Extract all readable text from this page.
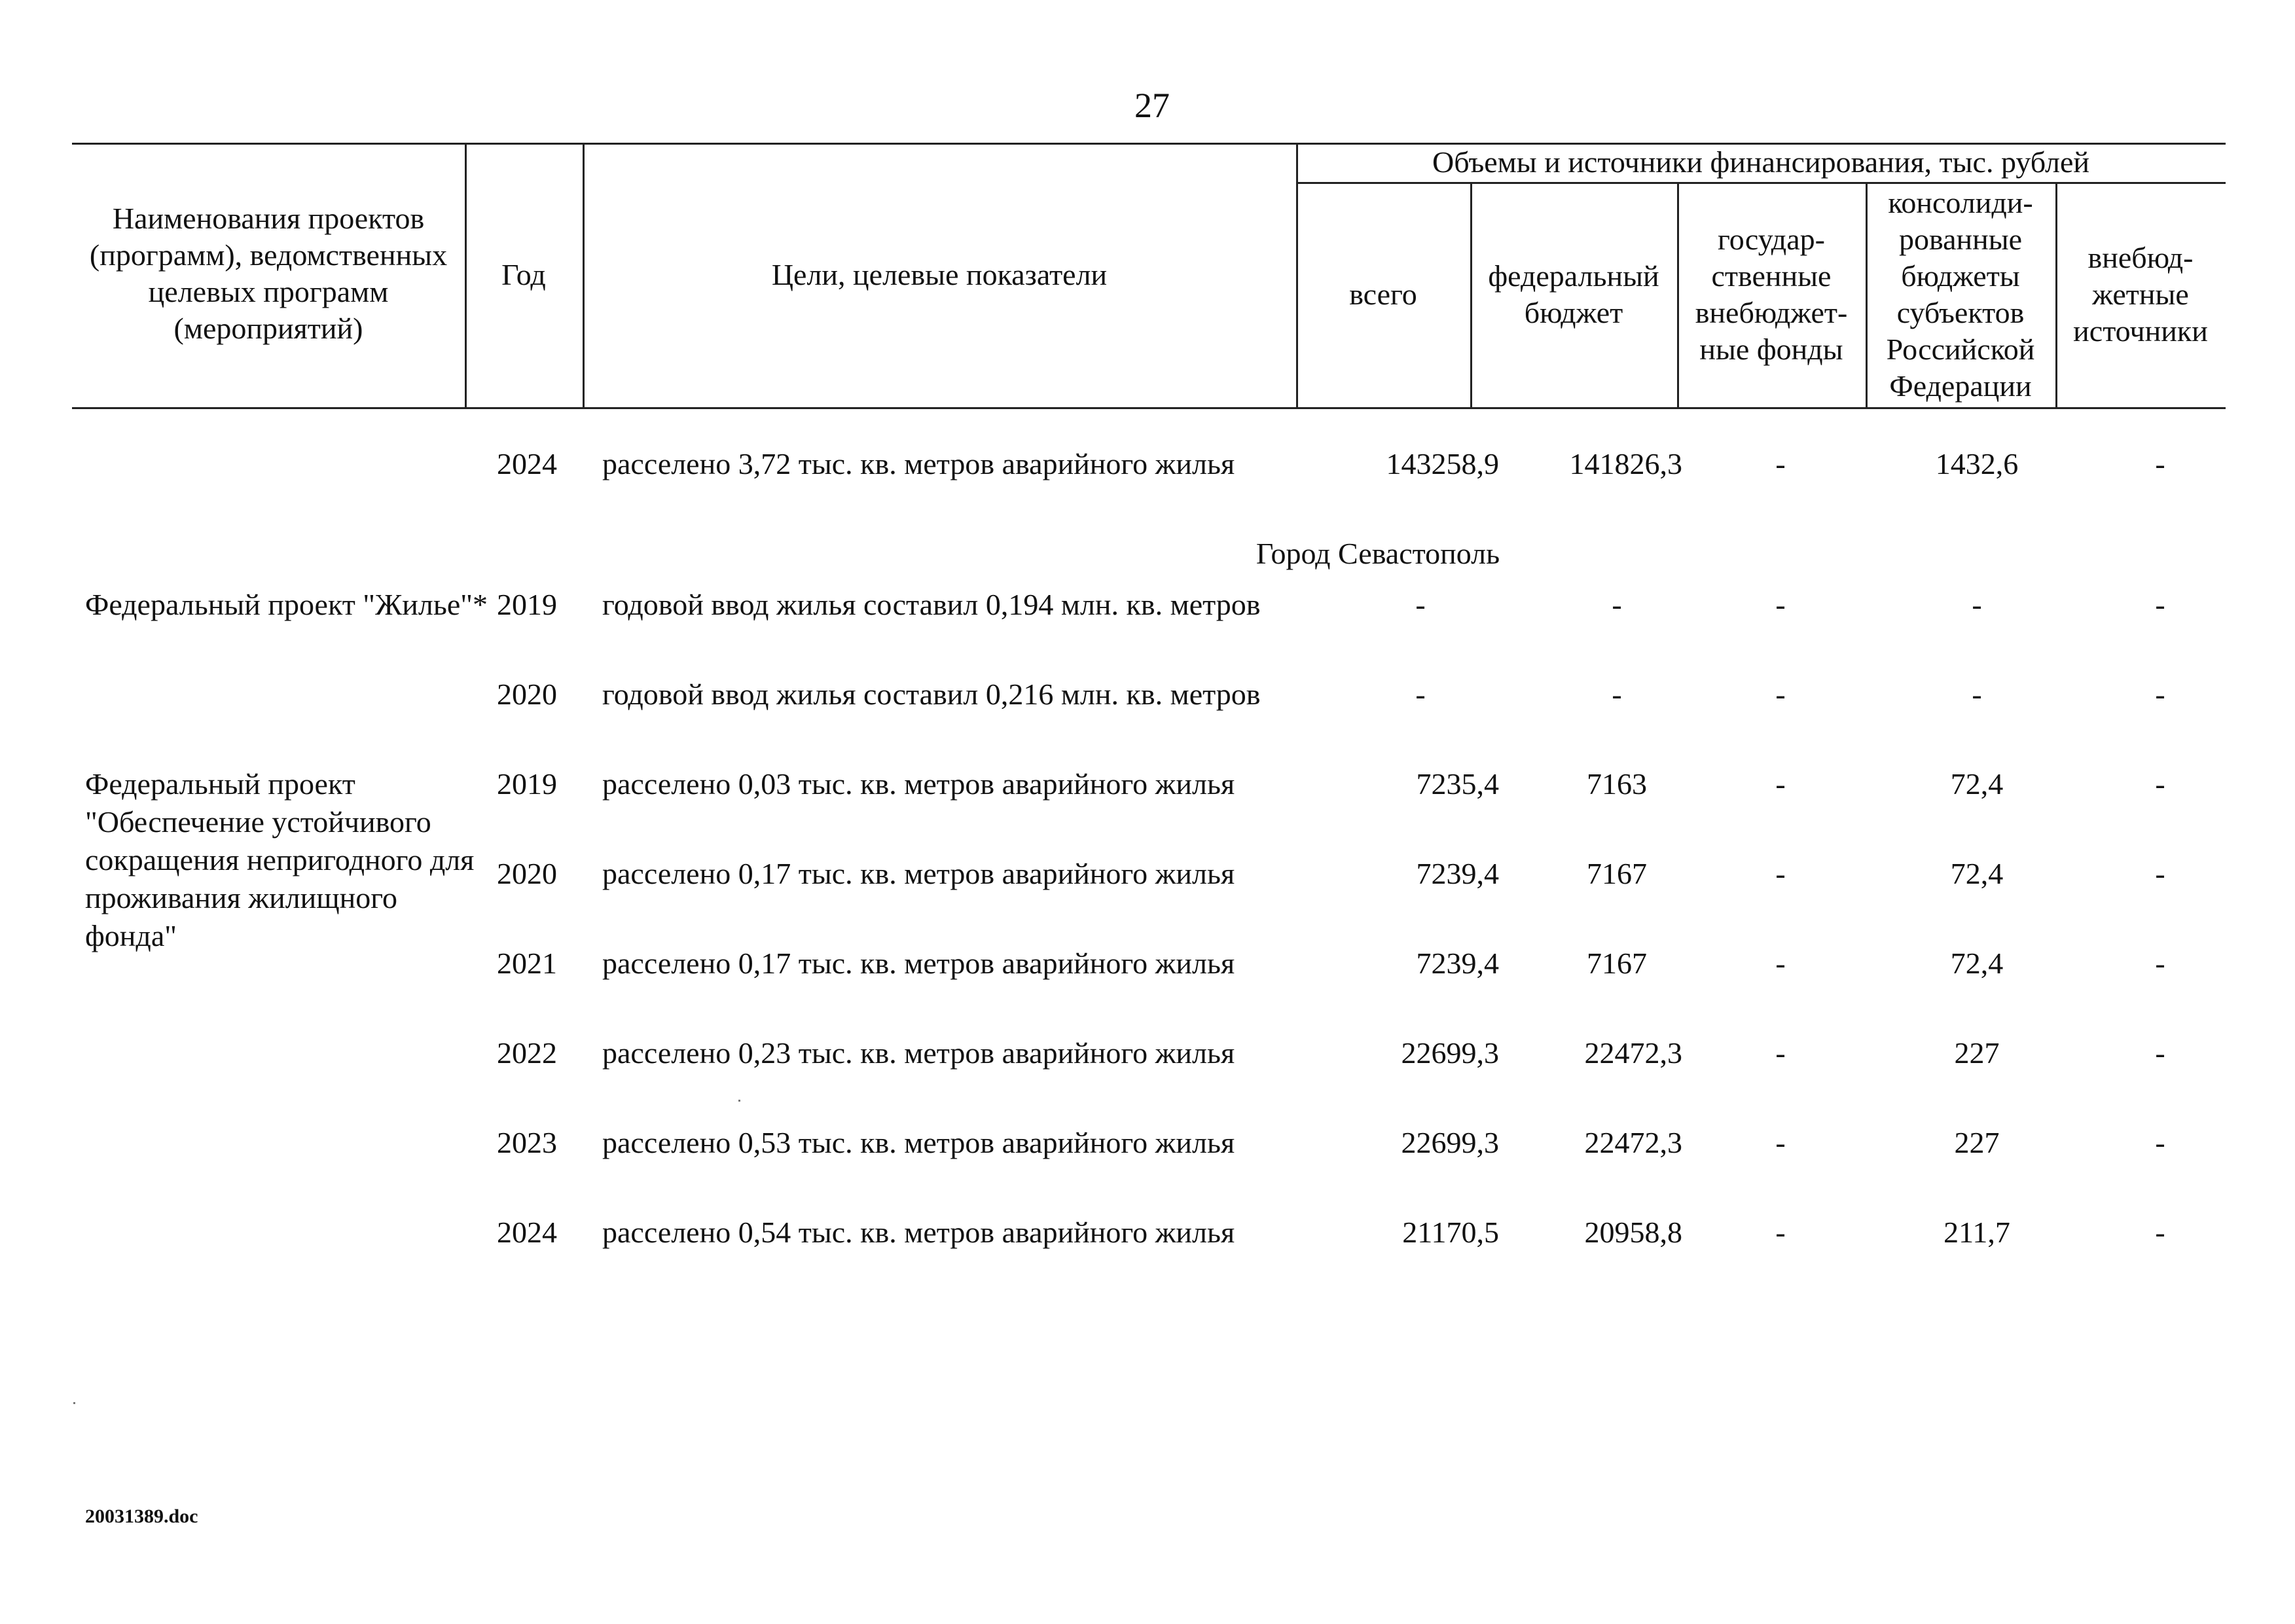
27
Наименования проектов (программ), ведомственных целевых программ (мероприятий)
Год	Цели, целевые показатели
Объемы и источники финансирования, тыс. рублей
всего
федеральный бюджет
государ-ственные внебюджет-ные фонды
консолиди-рованные бюджеты субъектов Российской Федерации
внебюд-жетные источники
2024	расселено 3,72 тыс. кв. метров аварийного жилья	143258,9	141826,3	-	1432,6	-
Город Севастополь
Федеральный проект "Жилье"* 2019	годовой ввод жилья составил 0,194 млн. кв. метров	-	-	-	-	-
2020	годовой ввод жилья составил 0,216 млн. кв. метров	-	-	-	-	-
Федеральный проект "Обеспечение устойчивого сокращения непригодного для проживания жилищного фонда"
2019	расселено 0,03 тыс. кв. метров аварийного жилья	7235,4	7163	-	72,4	-
2020	расселено 0,17 тыс. кв. метров аварийного жилья	7239,4	7167	-	72,4	-
2021	расселено 0,17 тыс. кв. метров аварийного жилья	7239,4	7167	-	72,4	-
2022	расселено 0,23 тыс. кв. метров аварийного жилья	22699,3	22472,3	-	227	-
2023	расселено 0,53 тыс. кв. метров аварийного жилья	22699,3	22472,3	-	227	-
2024	расселено 0,54 тыс. кв. метров аварийного жилья	21170,5	20958,8	-	211,7	-
20031389.doc
